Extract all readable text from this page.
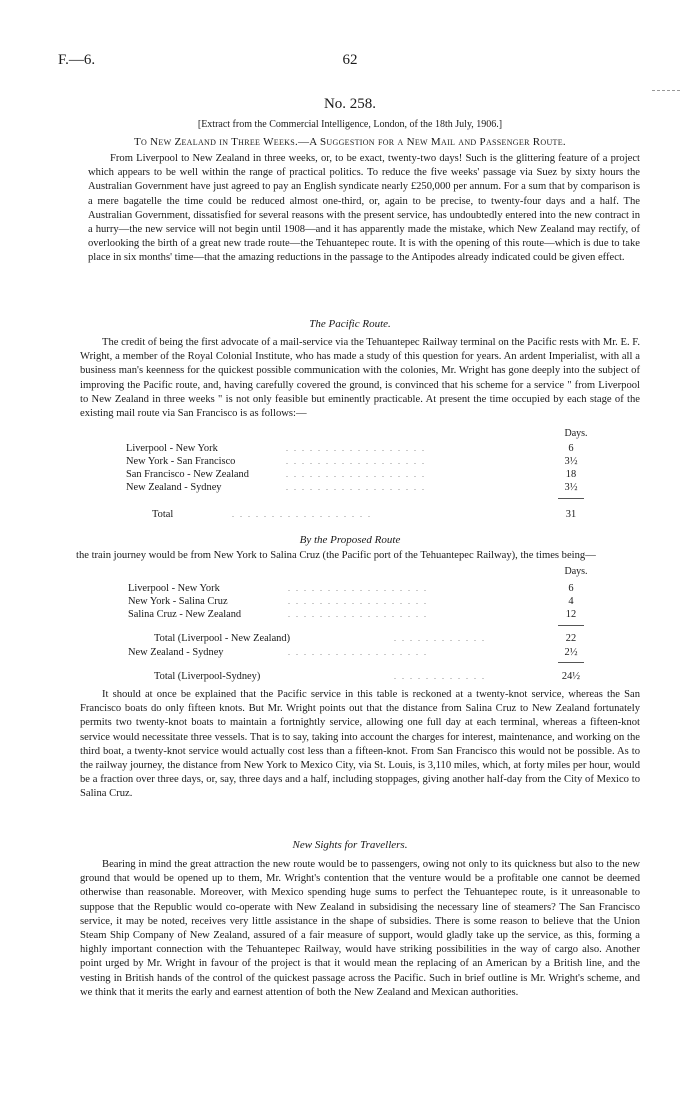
F.—6.	62
No. 258.
[Extract from the Commercial Intelligence, London, of the 18th July, 1906.]
To New Zealand in Three Weeks.—A Suggestion for a New Mail and Passenger Route.
From Liverpool to New Zealand in three weeks, or, to be exact, twenty-two days! Such is the glittering feature of a project which appears to be well within the range of practical politics. To reduce the five weeks' passage via Suez by sixty hours the Australian Government have just agreed to pay an English syndicate nearly £250,000 per annum. For a sum that by comparison is a mere bagatelle the time could be reduced almost one-third, or, again to be precise, to twenty-four days and a half. The Australian Government, dissatisfied for several reasons with the present service, has undoubtedly entered into the new contract in a hurry—the new service will not begin until 1908—and it has apparently made the mistake, which New Zealand may rectify, of overlooking the birth of a great new trade route—the Tehuantepec route. It is with the opening of this route—which is due to take place in six months' time—that the amazing reductions in the passage to the Antipodes already indicated could be given effect.
The Pacific Route.
The credit of being the first advocate of a mail-service via the Tehuantepec Railway terminal on the Pacific rests with Mr. E. F. Wright, a member of the Royal Colonial Institute, who has made a study of this question for years. An ardent Imperialist, with all a business man's keenness for the quickest possible communication with the colonies, Mr. Wright has gone deeply into the subject of improving the Pacific route, and, having carefully covered the ground, is convinced that his scheme for a service " from Liverpool to New Zealand in three weeks " is not only feasible but eminently practicable. At present the time occupied by each stage of the existing mail route via San Francisco is as follows:—
Days.
Liverpool - New York	. . . . . . . . . . . . . . . . . .	6
New York - San Francisco	. . . . . . . . . . . . . . . . . .	3½
San Francisco - New Zealand	. . . . . . . . . . . . . . . . . .	18
New Zealand - Sydney	. . . . . . . . . . . . . . . . . .	3½
Total	. . . . . . . . . . . . . . . . . .	31
By the Proposed Route
the train journey would be from New York to Salina Cruz (the Pacific port of the Tehuantepec Railway), the times being—
Days.
Liverpool - New York	. . . . . . . . . . . . . . . . . .	6
New York - Salina Cruz	. . . . . . . . . . . . . . . . . .	4
Salina Cruz - New Zealand	. . . . . . . . . . . . . . . . . .	12
Total (Liverpool - New Zealand)	. . . . . . . . . . . .	22
New Zealand - Sydney	. . . . . . . . . . . . . . . . . .	2½
Total (Liverpool-Sydney)	. . . . . . . . . . . .	24½
It should at once be explained that the Pacific service in this table is reckoned at a twenty-knot service, whereas the San Francisco boats do only fifteen knots. But Mr. Wright points out that the distance from Salina Cruz to New Zealand fortunately permits two twenty-knot boats to maintain a fortnightly service, allowing one full day at each terminal, whereas a fifteen-knot service would necessitate three vessels. That is to say, taking into account the charges for interest, maintenance, and working on the third boat, a twenty-knot service would actually cost less than a fifteen-knot. From San Francisco this would not be possible. As to the railway journey, the distance from New York to Mexico City, via St. Louis, is 3,110 miles, which, at forty miles per hour, would be a fraction over three days, or, say, three days and a half, including stoppages, giving another half-day from the City of Mexico to Salina Cruz.
New Sights for Travellers.
Bearing in mind the great attraction the new route would be to passengers, owing not only to its quickness but also to the new ground that would be opened up to them, Mr. Wright's contention that the venture would be a profitable one cannot be deemed otherwise than reasonable. Moreover, with Mexico spending huge sums to perfect the Tehuantepec route, is it unreasonable to suppose that the Republic would co-operate with New Zealand in subsidising the necessary line of steamers? The San Francisco service, it may be noted, receives very little assistance in the shape of subsidies. There is some reason to believe that the Union Steam Ship Company of New Zealand, assured of a fair measure of support, would gladly take up the service, as this, forming a highly important connection with the Tehuantepec Railway, would have striking possibilities in the way of cargo also. Another point urged by Mr. Wright in favour of the project is that it would mean the replacing of an American by a British line, and the vesting in British hands of the control of the quickest passage across the Pacific. Such in brief outline is Mr. Wright's scheme, and we think that it merits the early and earnest attention of both the New Zealand and Mexican authorities.
